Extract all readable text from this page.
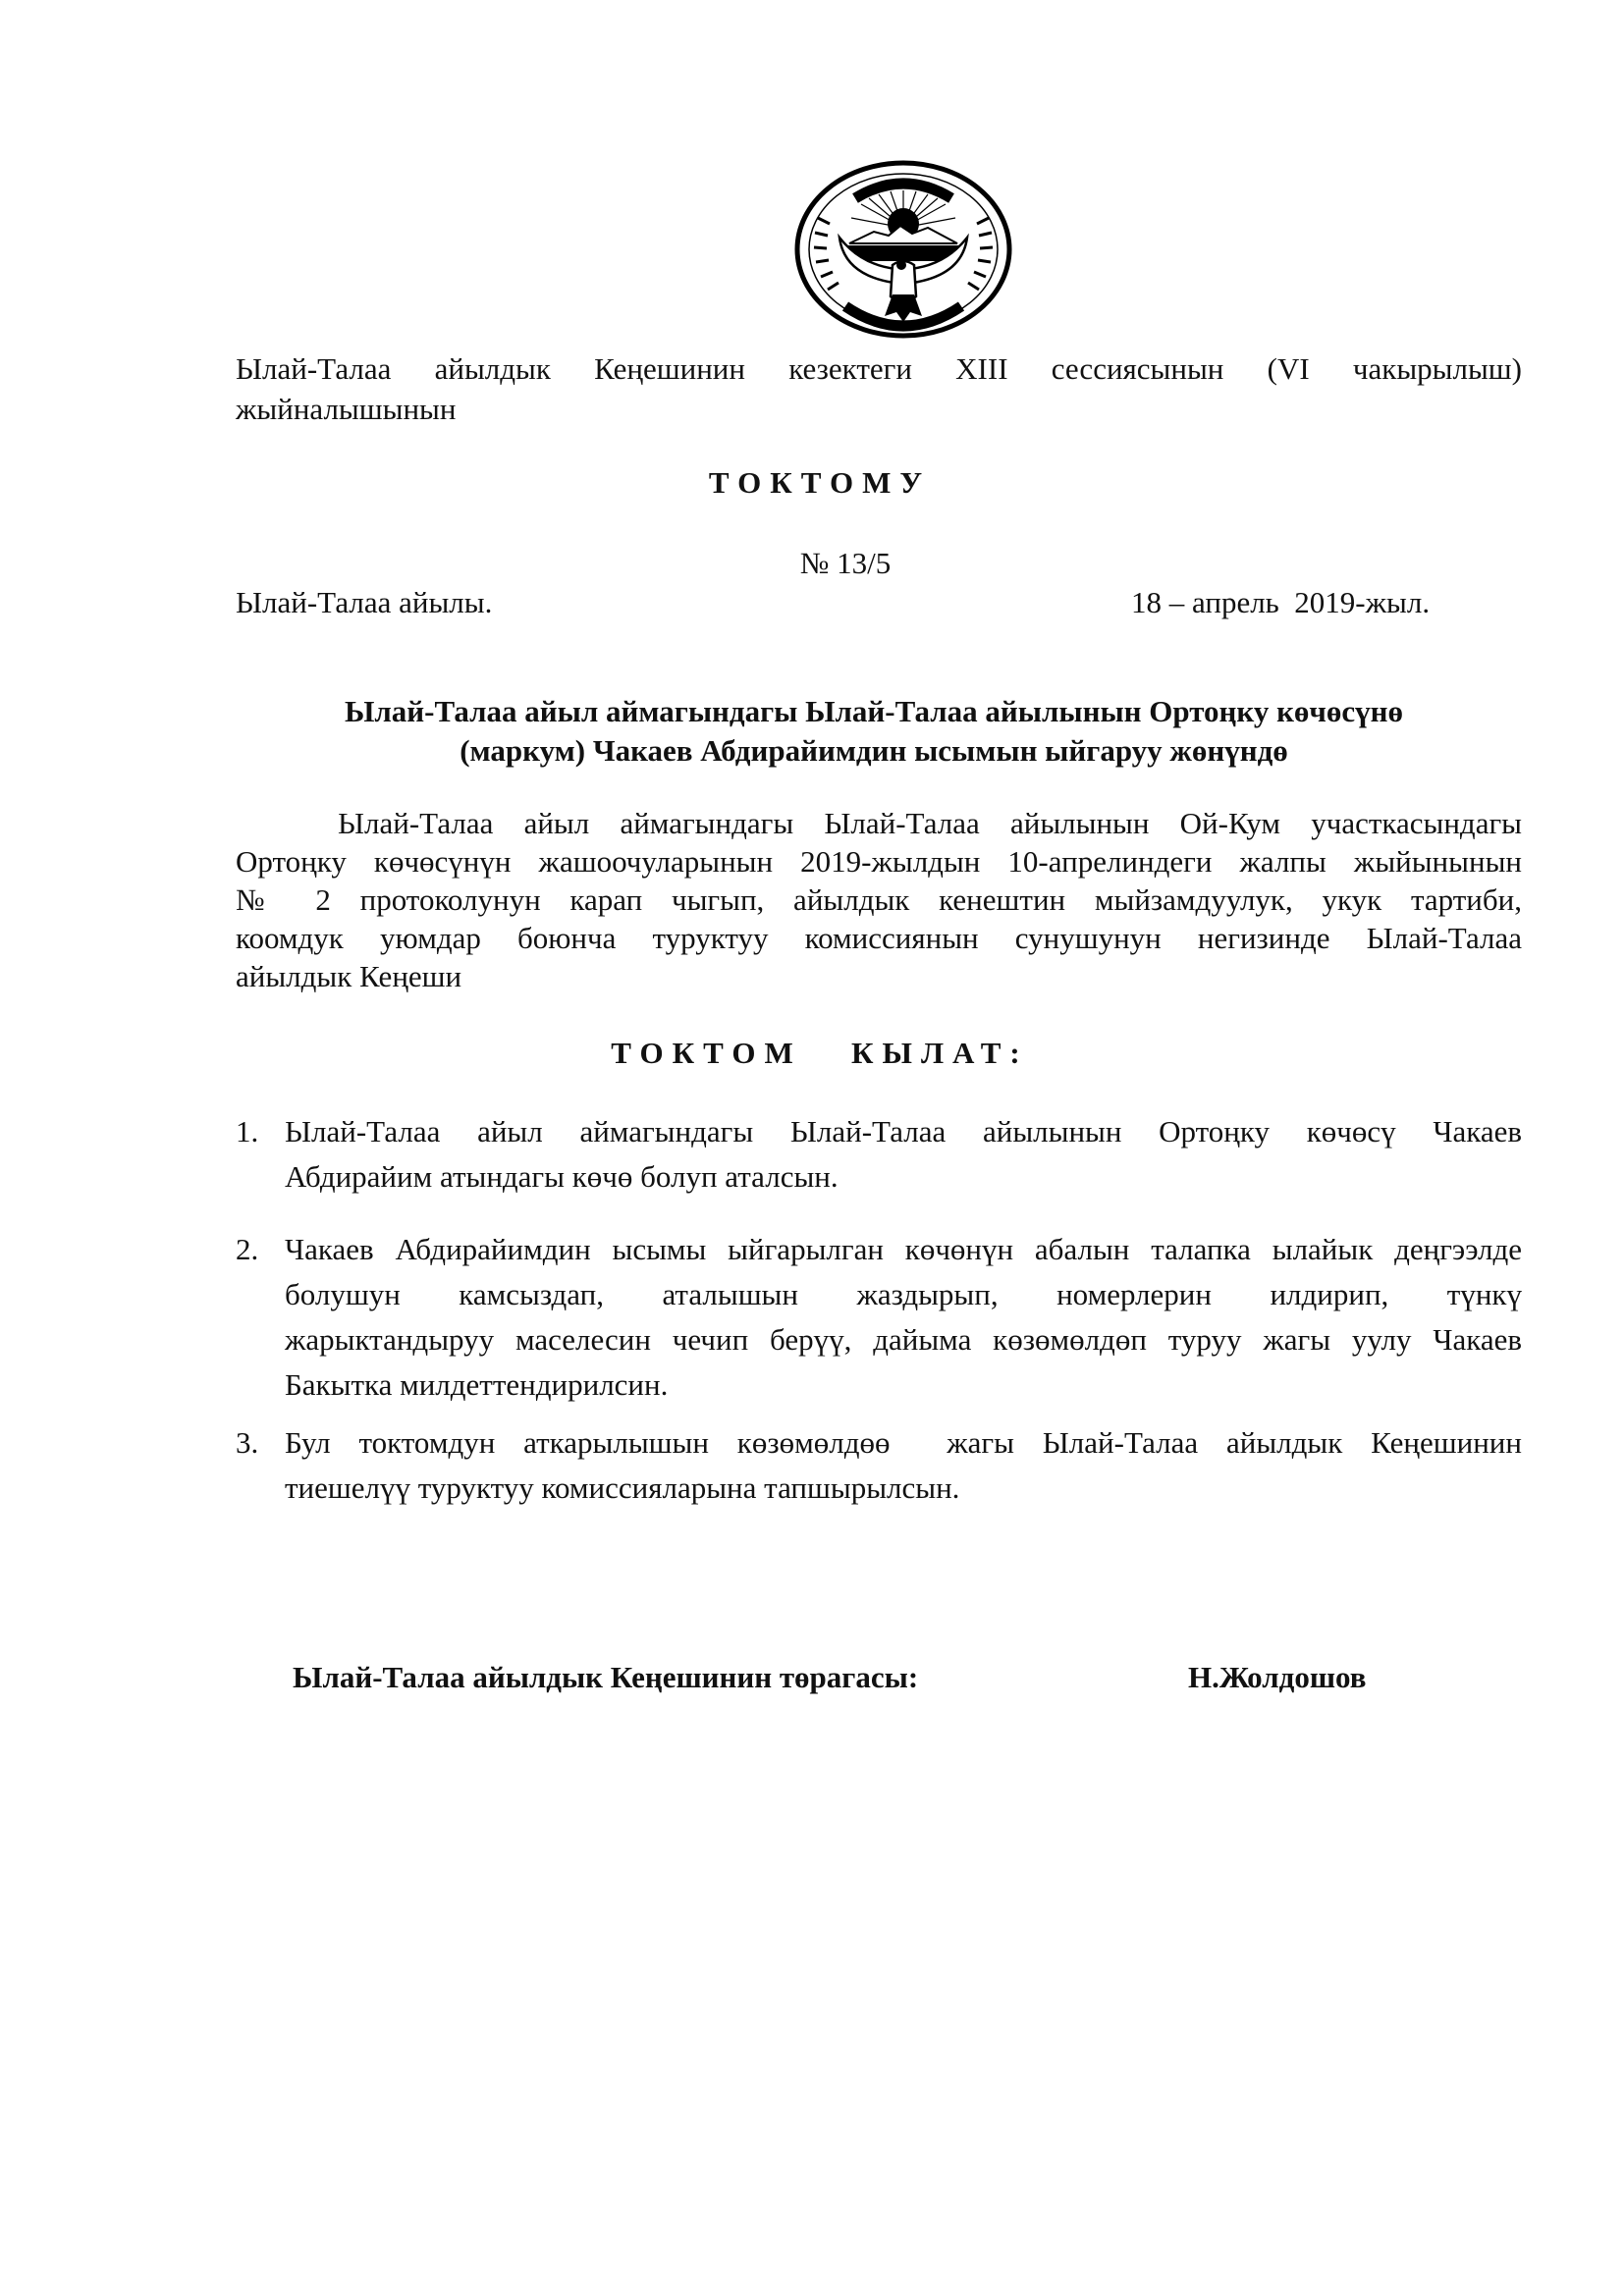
Ылай-Талаа айылдык Кеңешинин кезектеги XIII сессиясынын (VI чакырылыш)
жыйналышынын
ТОКТОМУ
№ 13/5
Ылай-Талаа айылы.	18 – апрель  2019-жыл.
Ылай-Талаа айыл аймагындагы Ылай-Талаа айылынын Ортоңку көчөсүнө
(маркум) Чакаев Абдирайимдин ысымын ыйгаруу жөнүндө
Ылай-Талаа айыл аймагындагы Ылай-Талаа айылынын Ой-Кум участкасындагы
Ортоңку көчөсүнүн жашоочуларынын 2019-жылдын 10-апрелиндеги жалпы жыйынынын
№ 2 протоколунун карап чыгып, айылдык кенештин мыйзамдуулук, укук тартиби,
коомдук уюмдар боюнча туруктуу комиссиянын сунушунун негизинде Ылай-Талаа
айылдык Кеңеши
ТОКТОМ   КЫЛАТ:
1. Ылай-Талаа айыл аймагындагы Ылай-Талаа айылынын Ортоңку көчөсү Чакаев
Абдирайим атындагы көчө болуп аталсын.
2. Чакаев Абдирайимдин ысымы ыйгарылган көчөнүн абалын талапка ылайык деңгээлде
болушун камсыздап, аталышын жаздырып, номерлерин илдирип, түнкү
жарыктандыруу маселесин чечип берүү, дайыма көзөмөлдөп туруу жагы уулу Чакаев
Бакытка милдеттендирилсин.
3. Бул токтомдун аткарылышын көзөмөлдөө  жагы Ылай-Талаа айылдык Кеңешинин
тиешелүү туруктуу комиссияларына тапшырылсын.
Ылай-Талаа айылдык Кеңешинин төрагасы:	Н.Жолдошов
